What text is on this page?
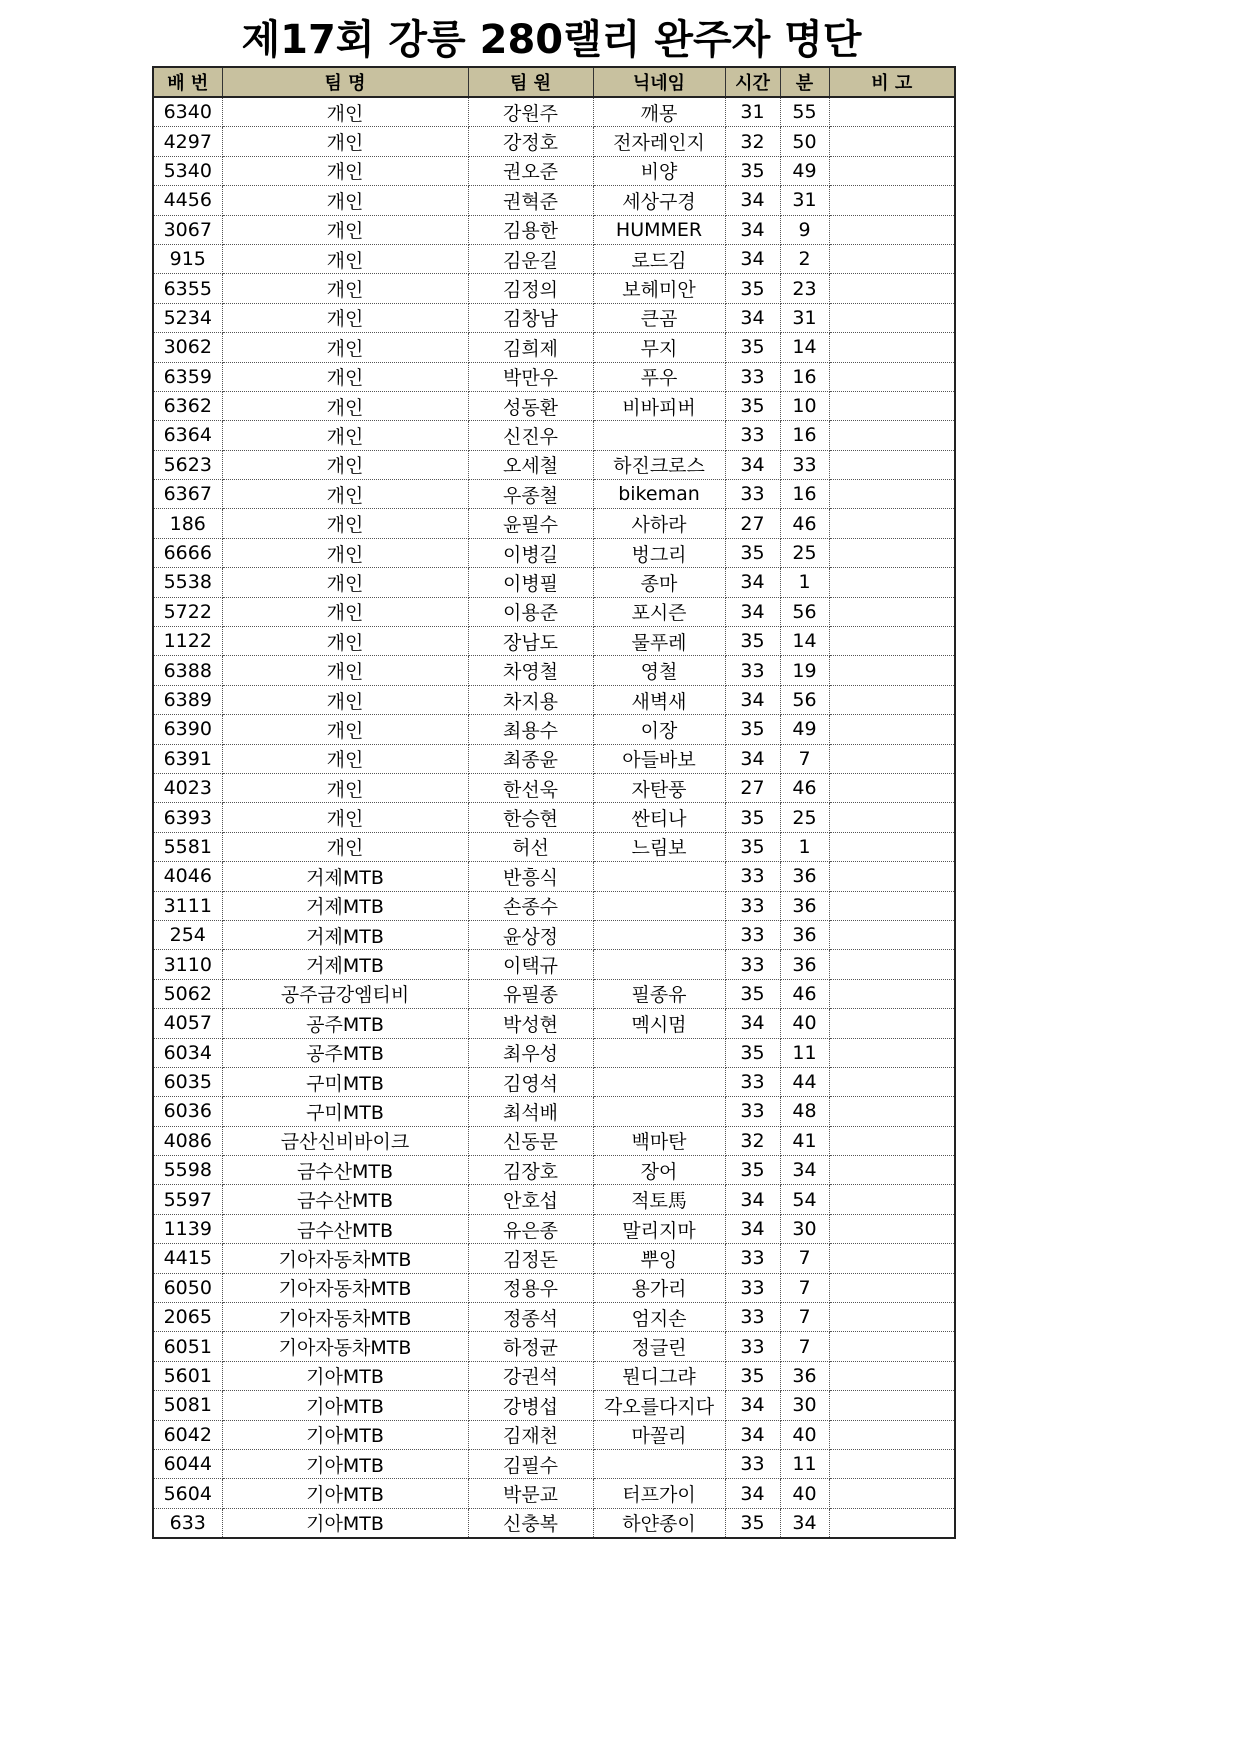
제17회 강릉 280랠리 완주자 명단
배 번	팀 명	팀 원	닉네임	시간	분	비 고
6340	개인	강원주	깨몽	31	55	
4297	개인	강정호	전자레인지	32	50	
5340	개인	권오준	비양	35	49	
4456	개인	권혁준	세상구경	34	31	
3067	개인	김용한	HUMMER	34	9	
915	개인	김운길	로드김	34	2	
6355	개인	김정의	보헤미안	35	23	
5234	개인	김창남	큰곰	34	31	
3062	개인	김희제	무지	35	14	
6359	개인	박만우	푸우	33	16	
6362	개인	성동환	비바피버	35	10	
6364	개인	신진우		33	16	
5623	개인	오세철	하진크로스	34	33	
6367	개인	우종철	bikeman	33	16	
186	개인	윤필수	사하라	27	46	
6666	개인	이병길	벙그리	35	25	
5538	개인	이병필	종마	34	1	
5722	개인	이용준	포시즌	34	56	
1122	개인	장남도	물푸레	35	14	
6388	개인	차영철	영철	33	19	
6389	개인	차지용	새벽새	34	56	
6390	개인	최용수	이장	35	49	
6391	개인	최종윤	아들바보	34	7	
4023	개인	한선욱	자탄풍	27	46	
6393	개인	한승현	싼티나	35	25	
5581	개인	허선	느림보	35	1	
4046	거제MTB	반흥식		33	36	
3111	거제MTB	손종수		33	36	
254	거제MTB	윤상정		33	36	
3110	거제MTB	이택규		33	36	
5062	공주금강엠티비	유필종	필종유	35	46	
4057	공주MTB	박성현	멕시멈	34	40	
6034	공주MTB	최우성		35	11	
6035	구미MTB	김영석		33	44	
6036	구미MTB	최석배		33	48	
4086	금산신비바이크	신동문	백마탄	32	41	
5598	금수산MTB	김장호	장어	35	34	
5597	금수산MTB	안호섭	적토馬	34	54	
1139	금수산MTB	유은종	말리지마	34	30	
4415	기아자동차MTB	김정돈	뿌잉	33	7	
6050	기아자동차MTB	정용우	용가리	33	7	
2065	기아자동차MTB	정종석	엄지손	33	7	
6051	기아자동차MTB	하정균	정글린	33	7	
5601	기아MTB	강권석	뭔디그랴	35	36	
5081	기아MTB	강병섭	각오를다지다	34	30	
6042	기아MTB	김재천	마꼴리	34	40	
6044	기아MTB	김필수		33	11	
5604	기아MTB	박문교	터프가이	34	40	
633	기아MTB	신충복	하얀종이	35	34	
